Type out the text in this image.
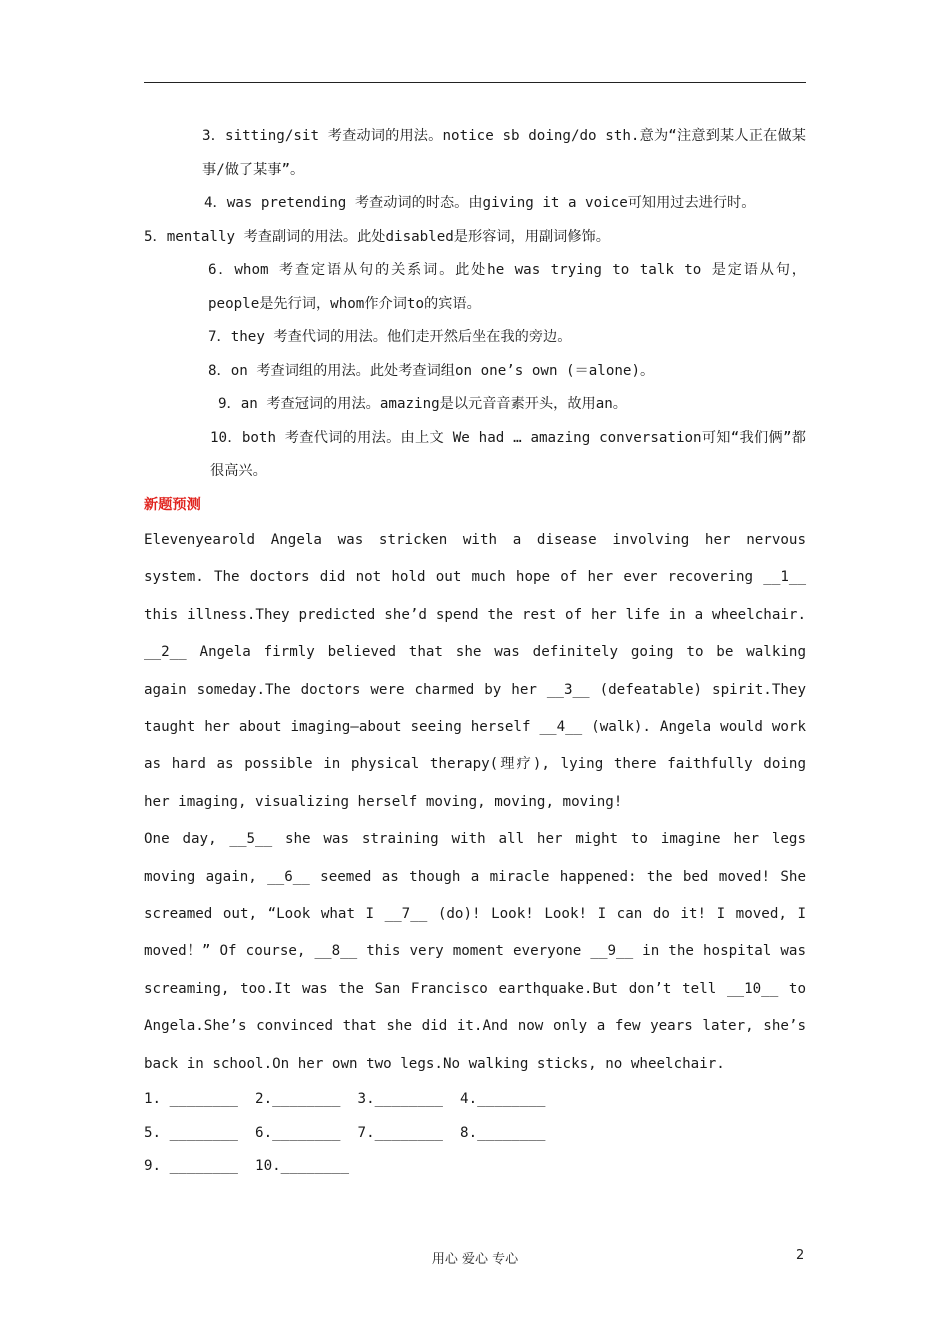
3．sitting/sit 考查动词的用法。notice sb doing/do sth.意为“注意到某人正在做某事/做了某事”。

4．was pretending 考查动词的时态。由giving it a voice可知用过去进行时。

5．mentally 考查副词的用法。此处disabled是形容词，用副词修饰。

6．whom 考查定语从句的关系词。此处he was trying to talk to 是定语从句，people是先行词，whom作介词to的宾语。

7．they 考查代词的用法。他们走开然后坐在我的旁边。

8．on 考查词组的用法。此处考查词组on one’s own (＝alone)。

9．an 考查冠词的用法。amazing是以元音音素开头，故用an。

10．both 考查代词的用法。由上文 We had … amazing conversation可知“我们俩”都很高兴。

新题预测

Elevenyearold Angela was stricken with a disease involving her nervous system. The doctors did not hold out much hope of her ever recovering __1__ this illness.They predicted she’d spend the rest of her life in a wheelchair. __2__ Angela firmly believed that she was definitely going to be walking again someday.The doctors were charmed by her __3__ (defeatable) spirit.They taught her about imaging—about seeing herself __4__ (walk). Angela would work as hard as possible in physical therapy(理疗), lying there faithfully doing her imaging, visualizing herself moving, moving, moving!

One day, __5__ she was straining with all her might to imagine her legs moving again, __6__ seemed as though a miracle happened: the bed moved! She screamed out, “Look what I __7__ (do)! Look! Look! I can do it! I moved, I moved！” Of course, __8__ this very moment everyone __9__ in the hospital was screaming, too.It was the San Francisco earthquake.But don’t tell __10__ to Angela.She’s convinced that she did it.And now only a few years later, she’s back in school.On her own two legs.No walking sticks, no wheelchair.

1. ________  2.________  3.________  4.________

5. ________  6.________  7.________  8.________

9. ________  10.________

用心 爱心 专心	2
